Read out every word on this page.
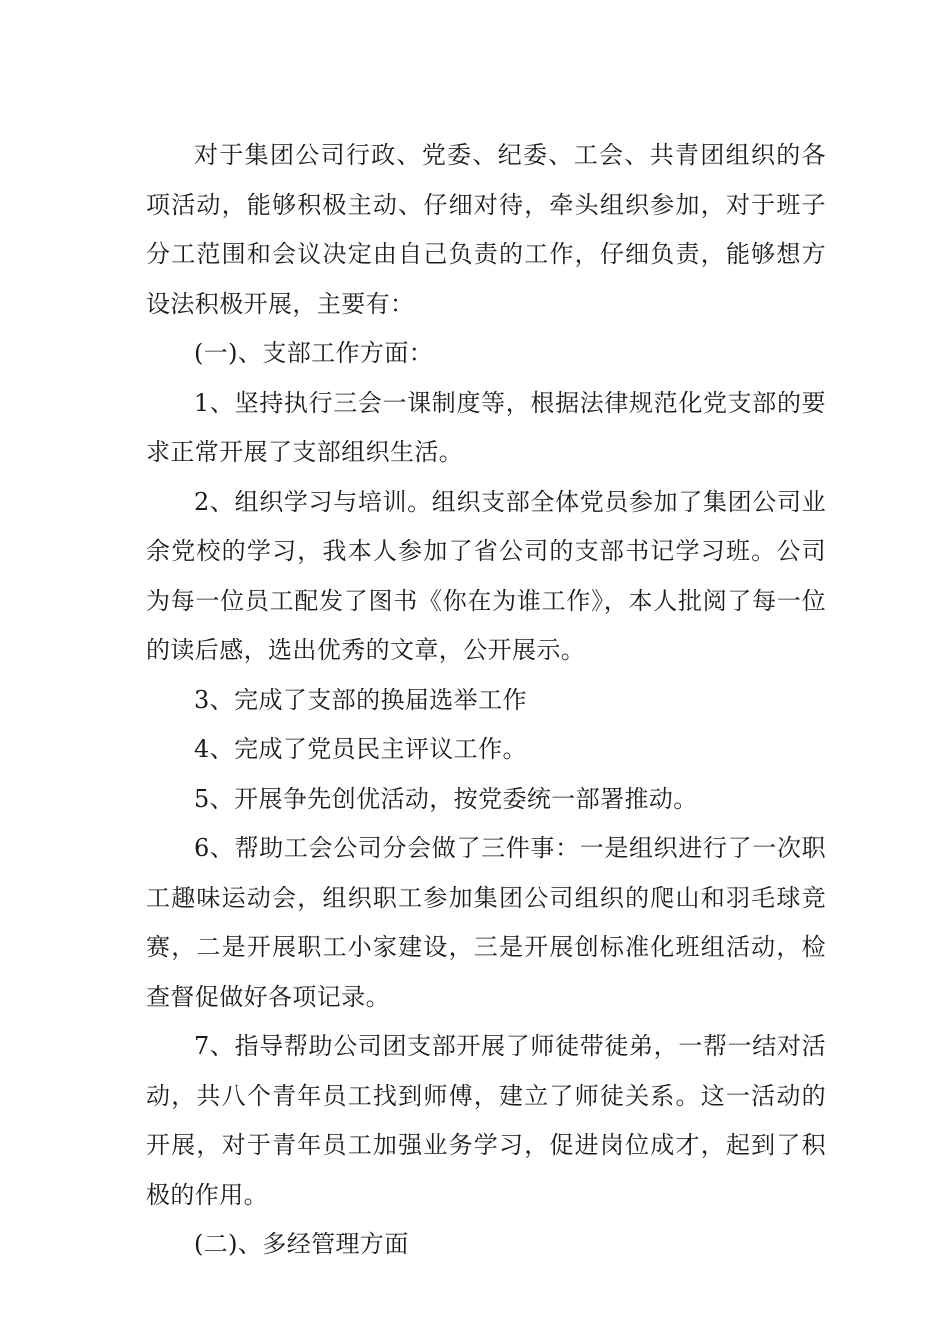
对于集团公司行政、党委、纪委、工会、共青团组织的各项活动，能够积极主动、仔细对待，牵头组织参加，对于班子分工范围和会议决定由自己负责的工作，仔细负责，能够想方设法积极开展，主要有：

(一)、支部工作方面：

1、坚持执行三会一课制度等，根据法律规范化党支部的要求正常开展了支部组织生活。

2、组织学习与培训。组织支部全体党员参加了集团公司业余党校的学习，我本人参加了省公司的支部书记学习班。公司为每一位员工配发了图书《你在为谁工作》，本人批阅了每一位的读后感，选出优秀的文章，公开展示。

3、完成了支部的换届选举工作

4、完成了党员民主评议工作。

5、开展争先创优活动，按党委统一部署推动。

6、帮助工会公司分会做了三件事：一是组织进行了一次职工趣味运动会，组织职工参加集团公司组织的爬山和羽毛球竞赛，二是开展职工小家建设，三是开展创标准化班组活动，检查督促做好各项记录。

7、指导帮助公司团支部开展了师徒带徒弟，一帮一结对活动，共八个青年员工找到师傅，建立了师徒关系。这一活动的开展，对于青年员工加强业务学习，促进岗位成才，起到了积极的作用。

(二)、多经管理方面
